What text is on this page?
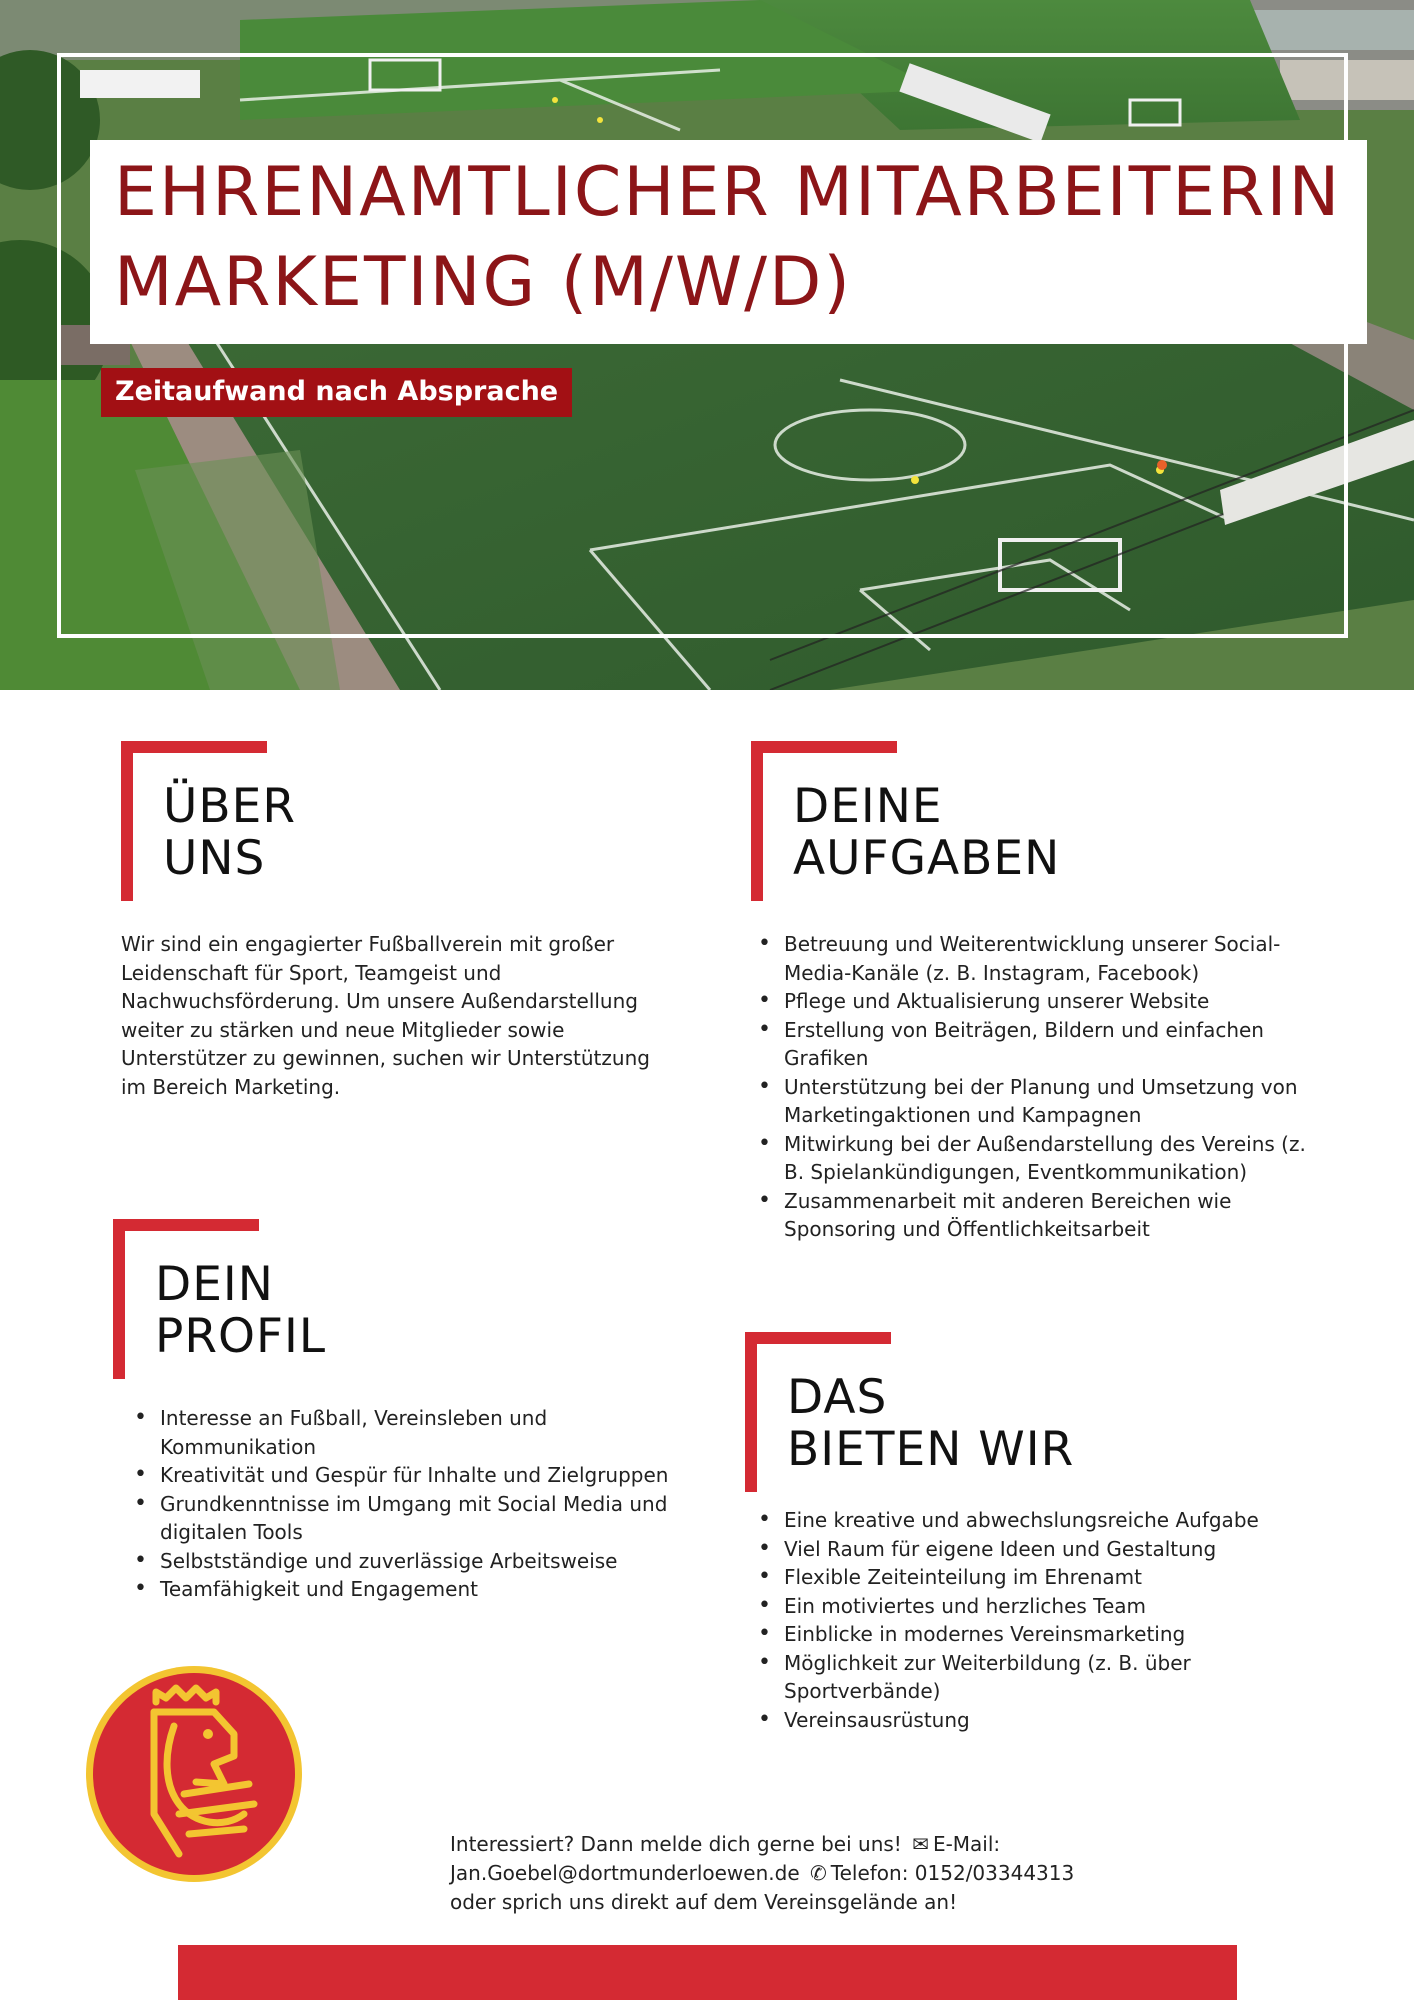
EHRENAMTLICHER MITARBEITERIN
MARKETING (M/W/D)
Zeitaufwand nach Absprache
ÜBER
UNS
Wir sind ein engagierter Fußballverein mit großer Leidenschaft für Sport, Teamgeist und Nachwuchsförderung. Um unsere Außendarstellung weiter zu stärken und neue Mitglieder sowie Unterstützer zu gewinnen, suchen wir Unterstützung im Bereich Marketing.
DEINE
AUFGABEN
• Betreuung und Weiterentwicklung unserer Social-Media-Kanäle (z. B. Instagram, Facebook)
• Pflege und Aktualisierung unserer Website
• Erstellung von Beiträgen, Bildern und einfachen Grafiken
• Unterstützung bei der Planung und Umsetzung von Marketingaktionen und Kampagnen
• Mitwirkung bei der Außendarstellung des Vereins (z. B. Spielankündigungen, Eventkommunikation)
• Zusammenarbeit mit anderen Bereichen wie Sponsoring und Öffentlichkeitsarbeit
DEIN
PROFIL
• Interesse an Fußball, Vereinsleben und Kommunikation
• Kreativität und Gespür für Inhalte und Zielgruppen
• Grundkenntnisse im Umgang mit Social Media und digitalen Tools
• Selbstständige und zuverlässige Arbeitsweise
• Teamfähigkeit und Engagement
DAS
BIETEN WIR
• Eine kreative und abwechslungsreiche Aufgabe
• Viel Raum für eigene Ideen und Gestaltung
• Flexible Zeiteinteilung im Ehrenamt
• Ein motiviertes und herzliches Team
• Einblicke in modernes Vereinsmarketing
• Möglichkeit zur Weiterbildung (z. B. über Sportverbände)
• Vereinsausrüstung
Interessiert? Dann melde dich gerne bei uns! ✉ E-Mail:
Jan.Goebel@dortmunderloewen.de ✆ Telefon: 0152/03344313
oder sprich uns direkt auf dem Vereinsgelände an!
